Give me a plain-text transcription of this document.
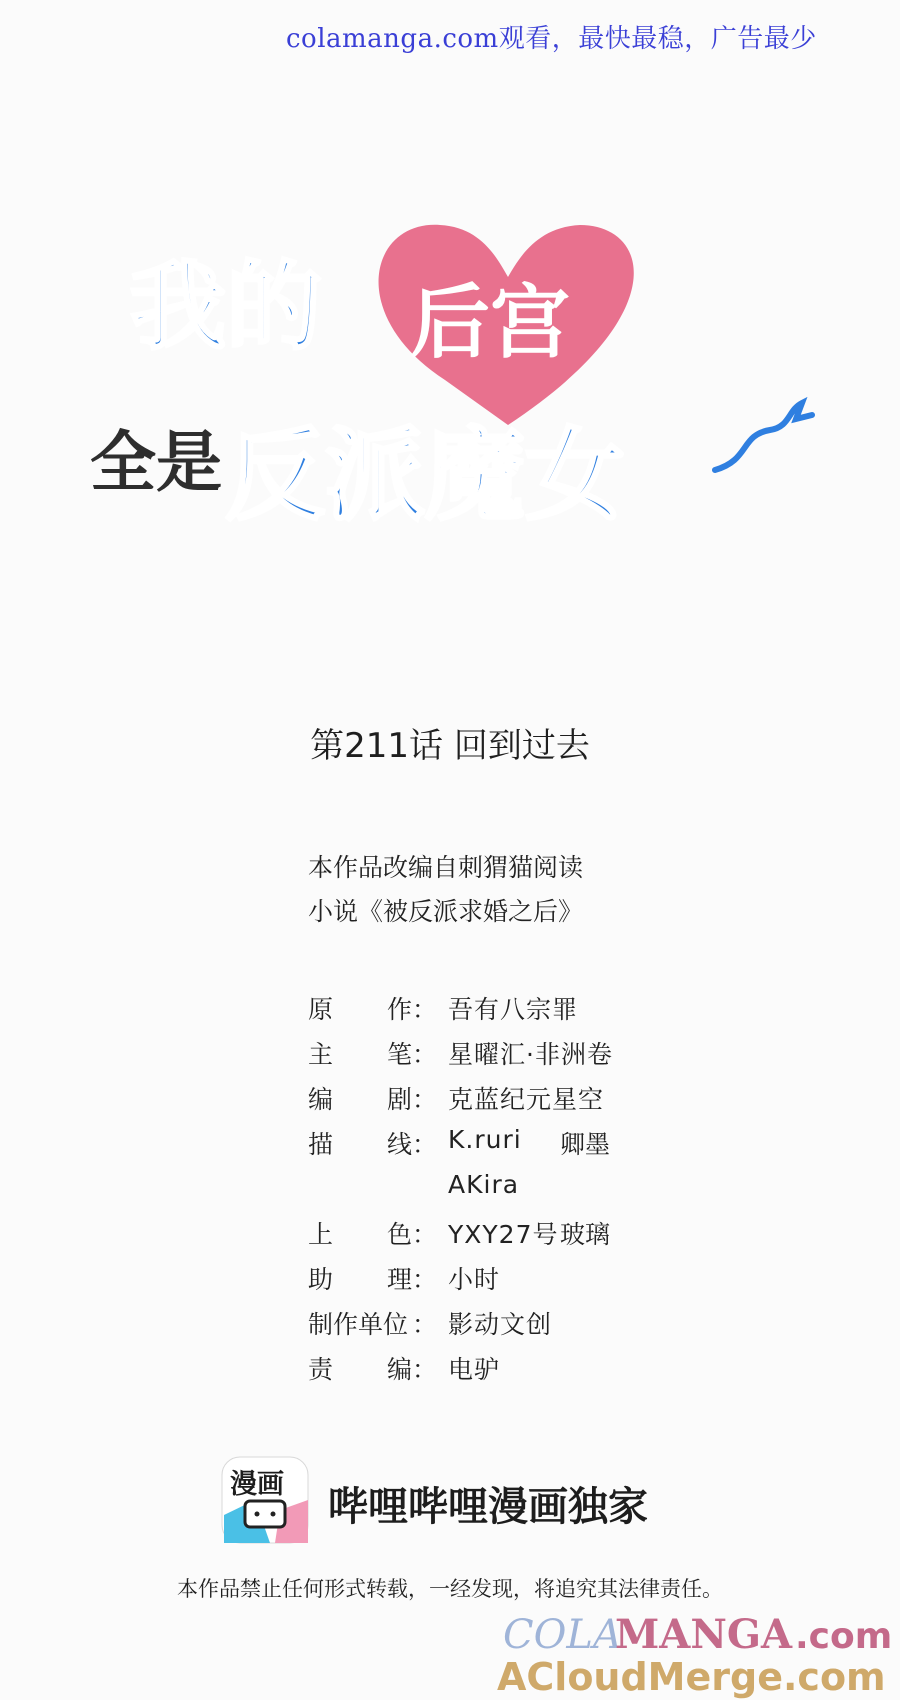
colamanga.com观看，最快最稳，广告最少
我的 后宫
全是 反派魔女
第211话 回到过去
本作品改编自刺猬猫阅读
小说《被反派求婚之后》
原 作 ： 吾有八宗罪
主 笔 ： 星曜汇·非洲卷
编 剧 ： 克蓝纪元星空
描 线 ： K.ruri 卿墨
AKira
上 色 ： YXY27号 玻璃
助 理 ： 小时
制作单位 ： 影动文创
责 编 ： 电驴
漫画 哔哩哔哩漫画独家
本作品禁止任何形式转载，一经发现，将追究其法律责任。
COLA
MANGA .com
ACloudMerge.com
